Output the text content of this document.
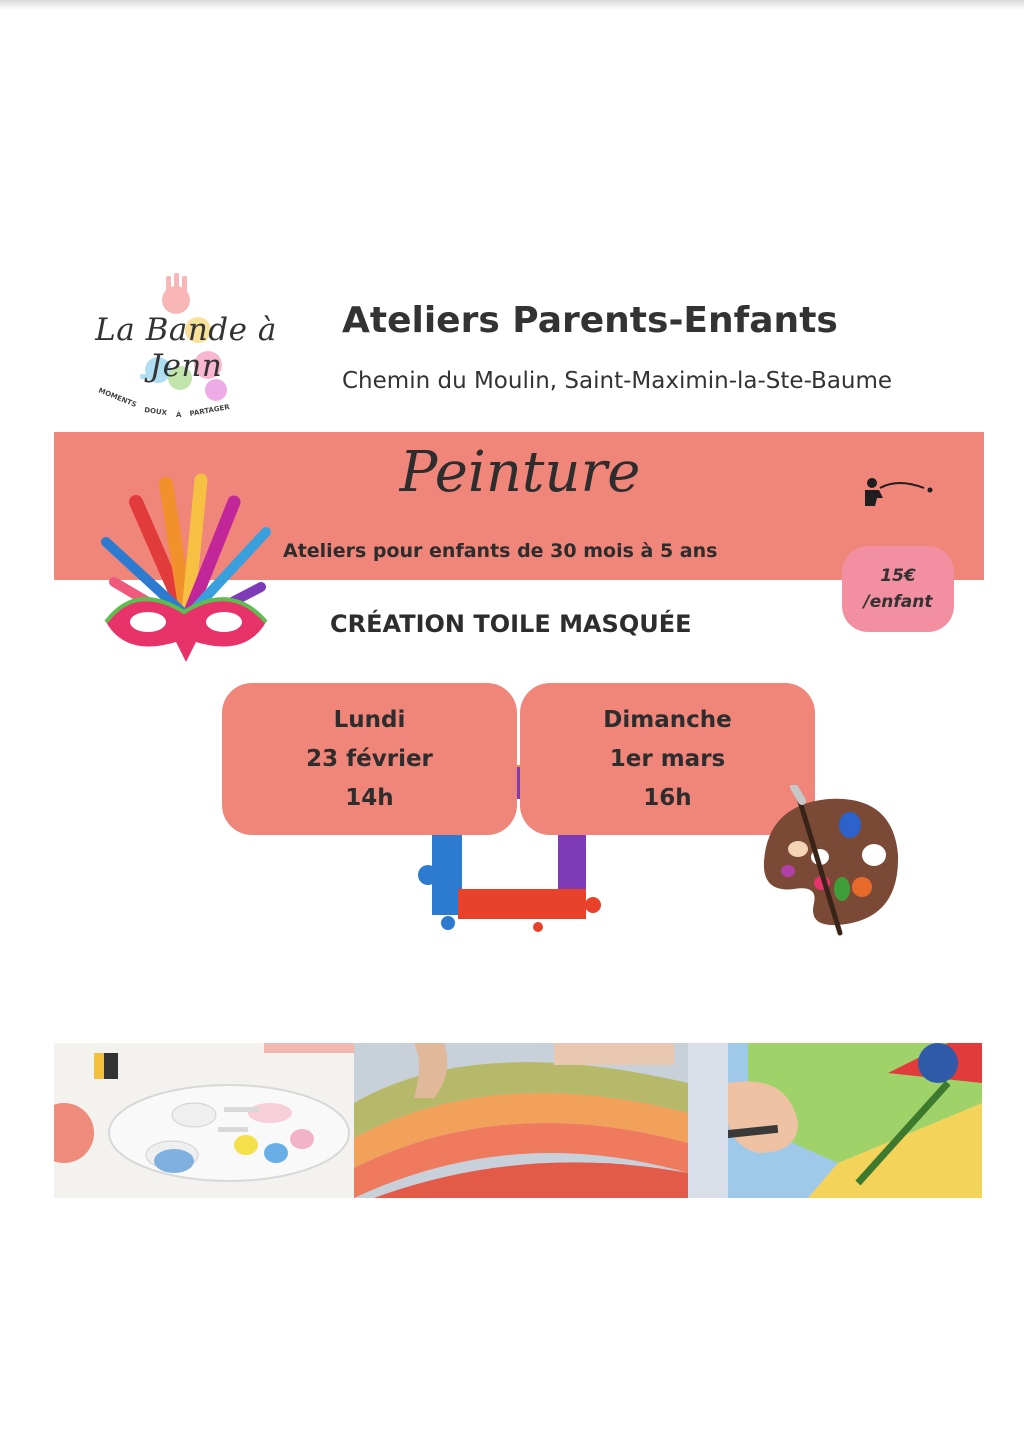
MOMENTS
DOUX À PARTAGER
La Bande à Jenn
Ateliers Parents-Enfants
Chemin du Moulin, Saint-Maximin-la-Ste-Baume
Peinture
Ateliers pour enfants de 30 mois à 5 ans
15€
/enfant
CRÉATION TOILE MASQUÉE
Lundi
23 février
14h
Dimanche
1er mars
16h
